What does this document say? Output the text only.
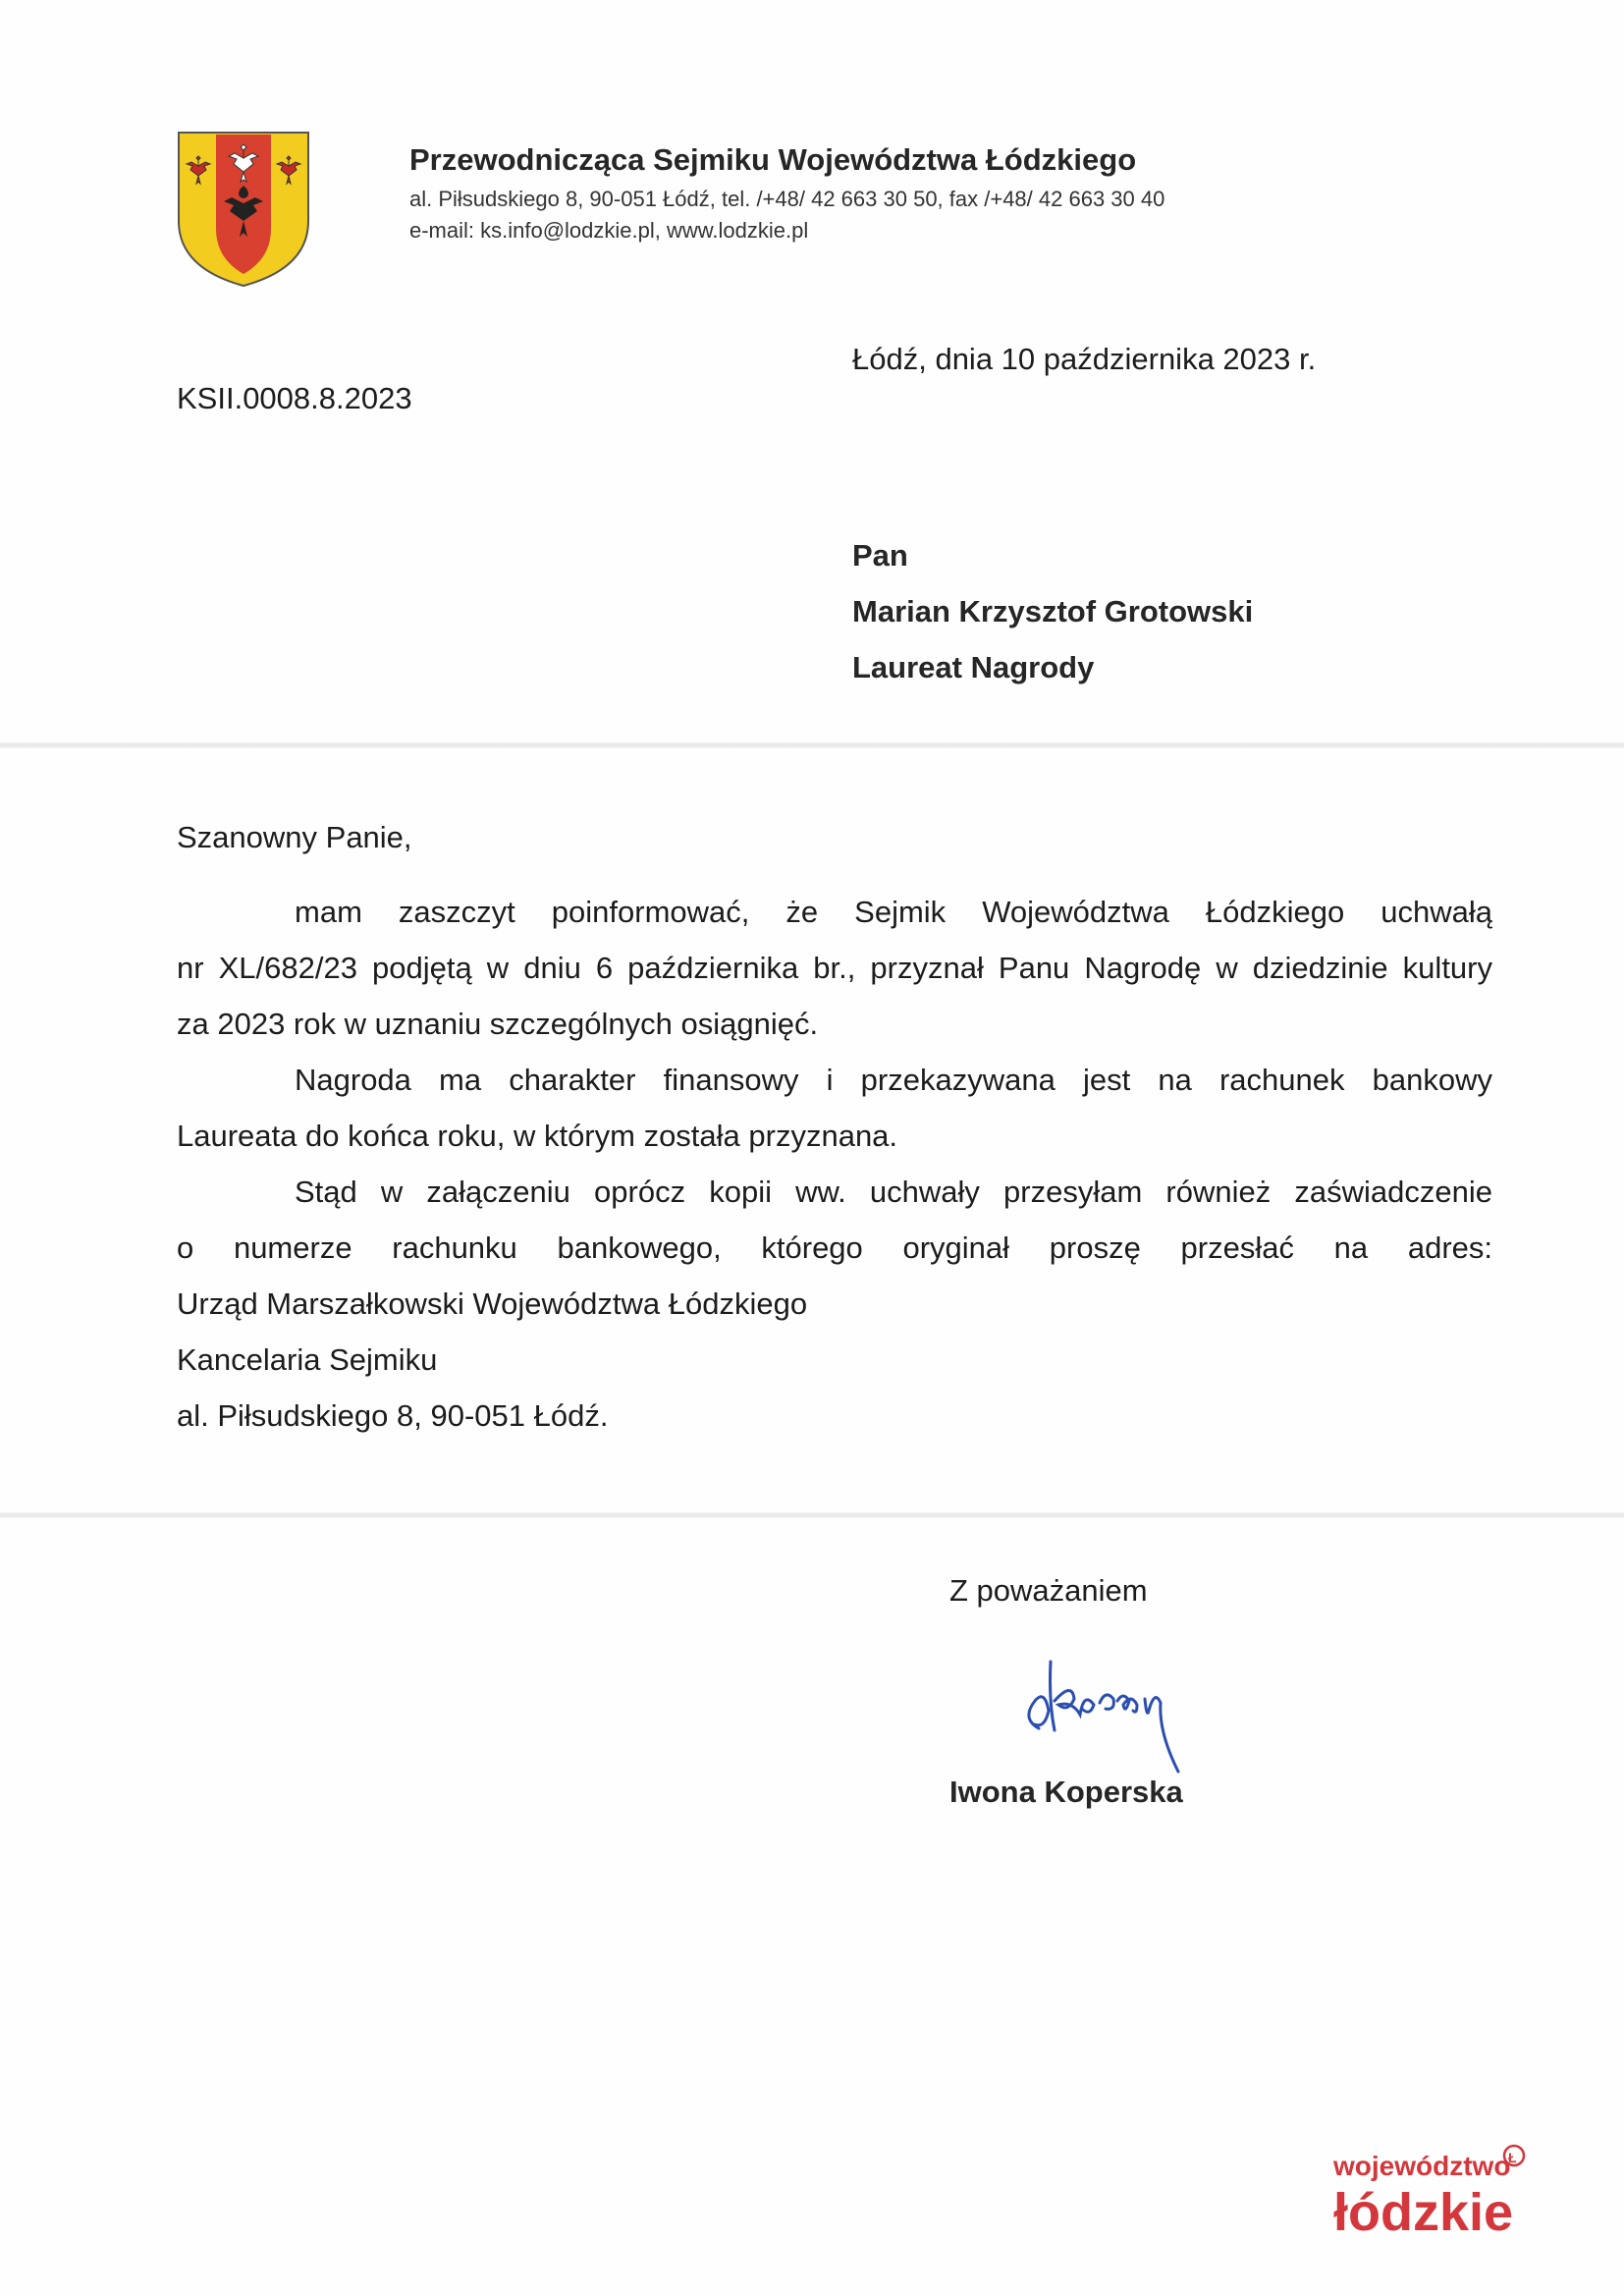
Przewodnicząca Sejmiku Województwa Łódzkiego
al. Piłsudskiego 8, 90-051 Łódź, tel. /+48/ 42 663 30 50, fax /+48/ 42 663 30 40
e-mail: ks.info@lodzkie.pl, www.lodzkie.pl
Łódź, dnia 10 października 2023 r.
KSII.0008.8.2023
Pan
Marian Krzysztof Grotowski
Laureat Nagrody
Szanowny Panie,
mam zaszczyt poinformować, że Sejmik Województwa Łódzkiego uchwałą
nr XL/682/23 podjętą w dniu 6 października br., przyznał Panu Nagrodę w dziedzinie kultury
za 2023 rok w uznaniu szczególnych osiągnięć.
Nagroda ma charakter finansowy i przekazywana jest na rachunek bankowy
Laureata do końca roku, w którym została przyznana.
Stąd w załączeniu oprócz kopii ww. uchwały przesyłam również zaświadczenie
o numerze rachunku bankowego, którego oryginał proszę przesłać na adres:
Urząd Marszałkowski Województwa Łódzkiego
Kancelaria Sejmiku
al. Piłsudskiego 8, 90-051 Łódź.
Z poważaniem
Iwona Koperska
województwo
Ł
łódzkie
